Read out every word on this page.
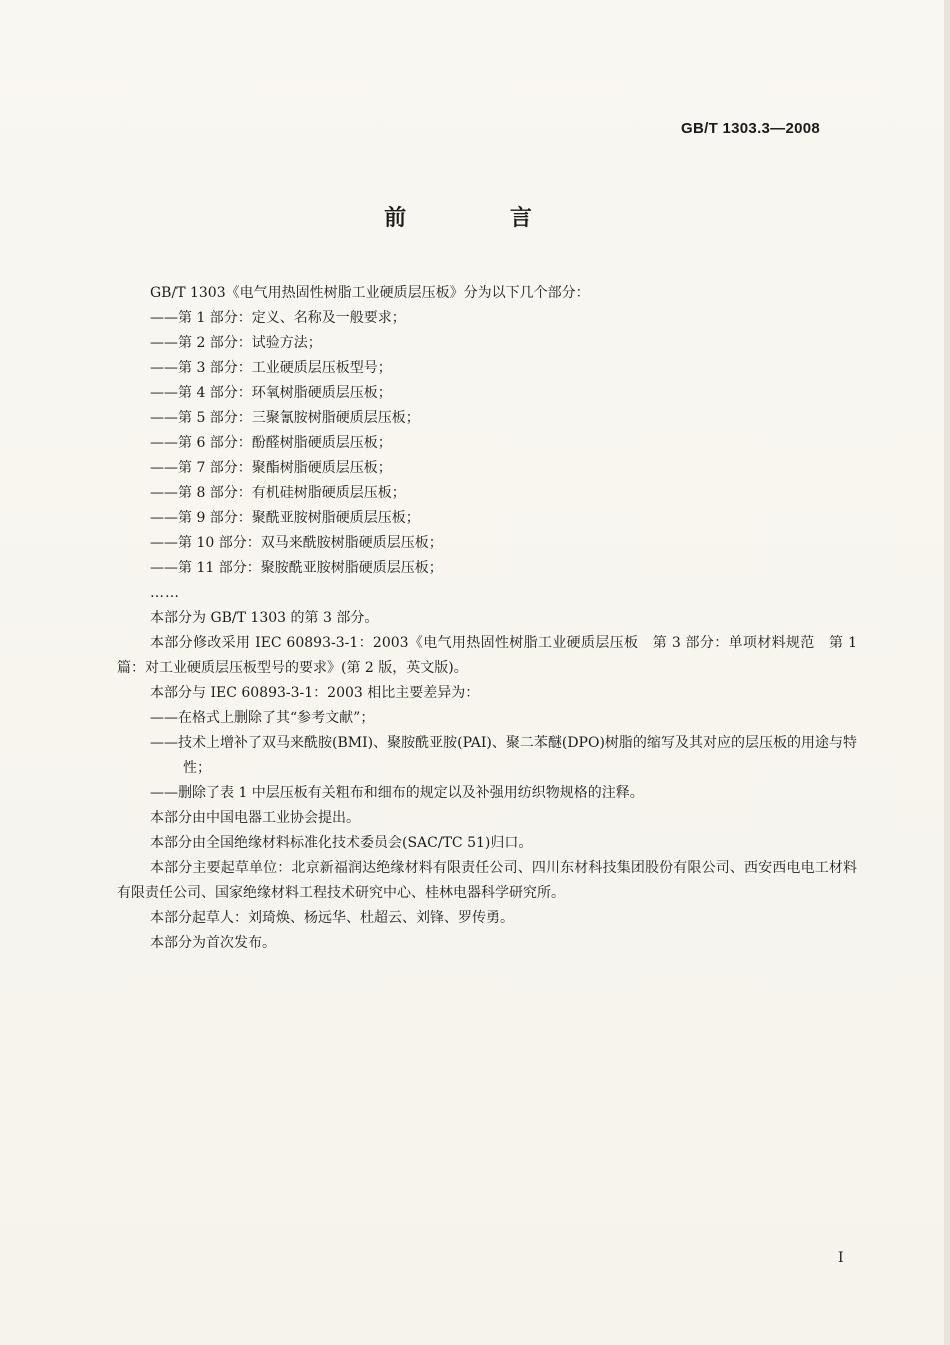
GB/T 1303.3—2008
前 言

GB/T 1303《电气用热固性树脂工业硬质层压板》分为以下几个部分：

——第 1 部分：定义、名称及一般要求；

——第 2 部分：试验方法；

——第 3 部分：工业硬质层压板型号；

——第 4 部分：环氧树脂硬质层压板；

——第 5 部分：三聚氰胺树脂硬质层压板；

——第 6 部分：酚醛树脂硬质层压板；

——第 7 部分：聚酯树脂硬质层压板；

——第 8 部分：有机硅树脂硬质层压板；

——第 9 部分：聚酰亚胺树脂硬质层压板；

——第 10 部分：双马来酰胺树脂硬质层压板；

——第 11 部分：聚胺酰亚胺树脂硬质层压板；

……

本部分为 GB/T 1303 的第 3 部分。

本部分修改采用 IEC 60893-3-1：2003《电气用热固性树脂工业硬质层压板　第 3 部分：单项材料规范　第 1 篇：对工业硬质层压板型号的要求》(第 2 版，英文版)。

本部分与 IEC 60893-3-1：2003 相比主要差异为：

——在格式上删除了其“参考文献”；

——技术上增补了双马来酰胺(BMI)、聚胺酰亚胺(PAI)、聚二苯醚(DPO)树脂的缩写及其对应的层压板的用途与特性；

——删除了表 1 中层压板有关粗布和细布的规定以及补强用纺织物规格的注释。

本部分由中国电器工业协会提出。

本部分由全国绝缘材料标准化技术委员会(SAC/TC 51)归口。

本部分主要起草单位：北京新福润达绝缘材料有限责任公司、四川东材科技集团股份有限公司、西安西电电工材料有限责任公司、国家绝缘材料工程技术研究中心、桂林电器科学研究所。

本部分起草人：刘琦焕、杨远华、杜超云、刘锋、罗传勇。

本部分为首次发布。

I
